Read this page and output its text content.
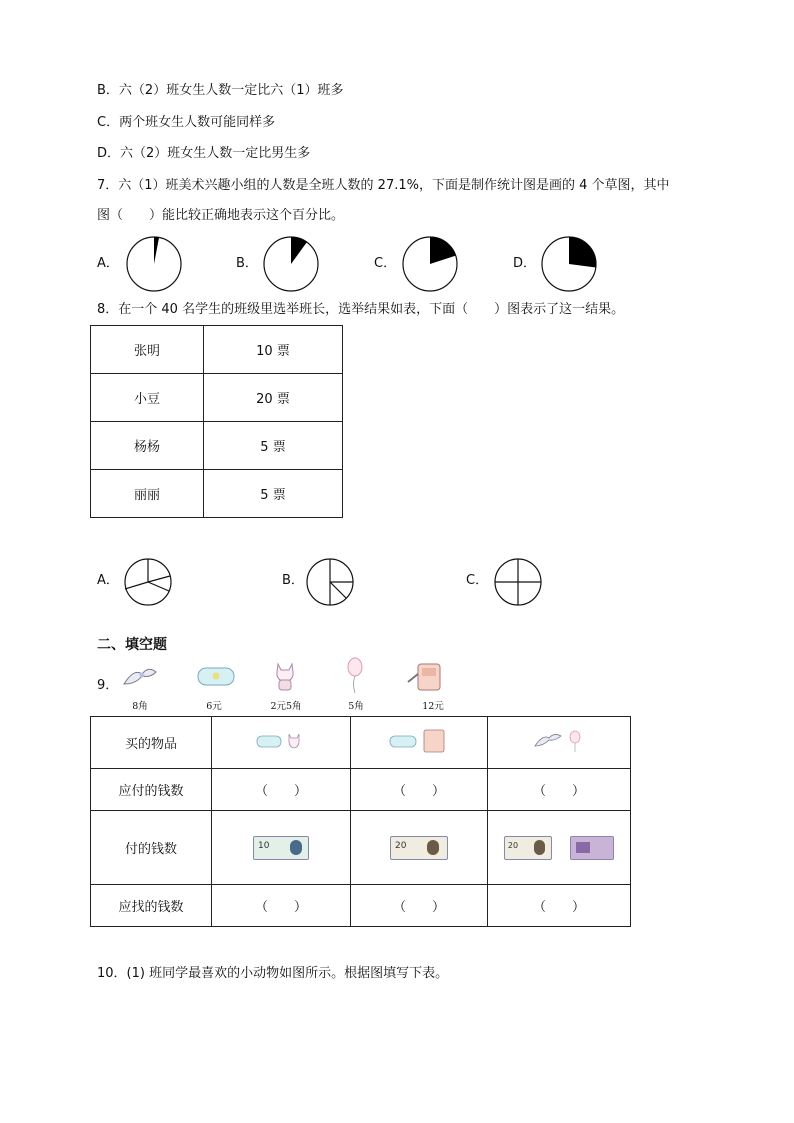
B．六（2）班女生人数一定比六（1）班多
C．两个班女生人数可能同样多
D．六（2）班女生人数一定比男生多
7．六（1）班美术兴趣小组的人数是全班人数的 27.1%，下面是制作统计图是画的 4 个草图，其中
图（　　）能比较正确地表示这个百分比。
A．	B．	C．	D．
8．在一个 40 名学生的班级里选举班长，选举结果如表，下面（　　）图表示了这一结果。
张明	10 票
小豆	20 票
杨杨	5 票
丽丽	5 票
A．	B．	C．
二、填空题
9．
8角	6元	2元5角	5角	12元
买的物品			
应付的钱数	（　　）	（　　）	（　　）
付的钱数	10	20	20

应找的钱数	（　　）	（　　）	（　　）
10．(1) 班同学最喜欢的小动物如图所示。根据图填写下表。
